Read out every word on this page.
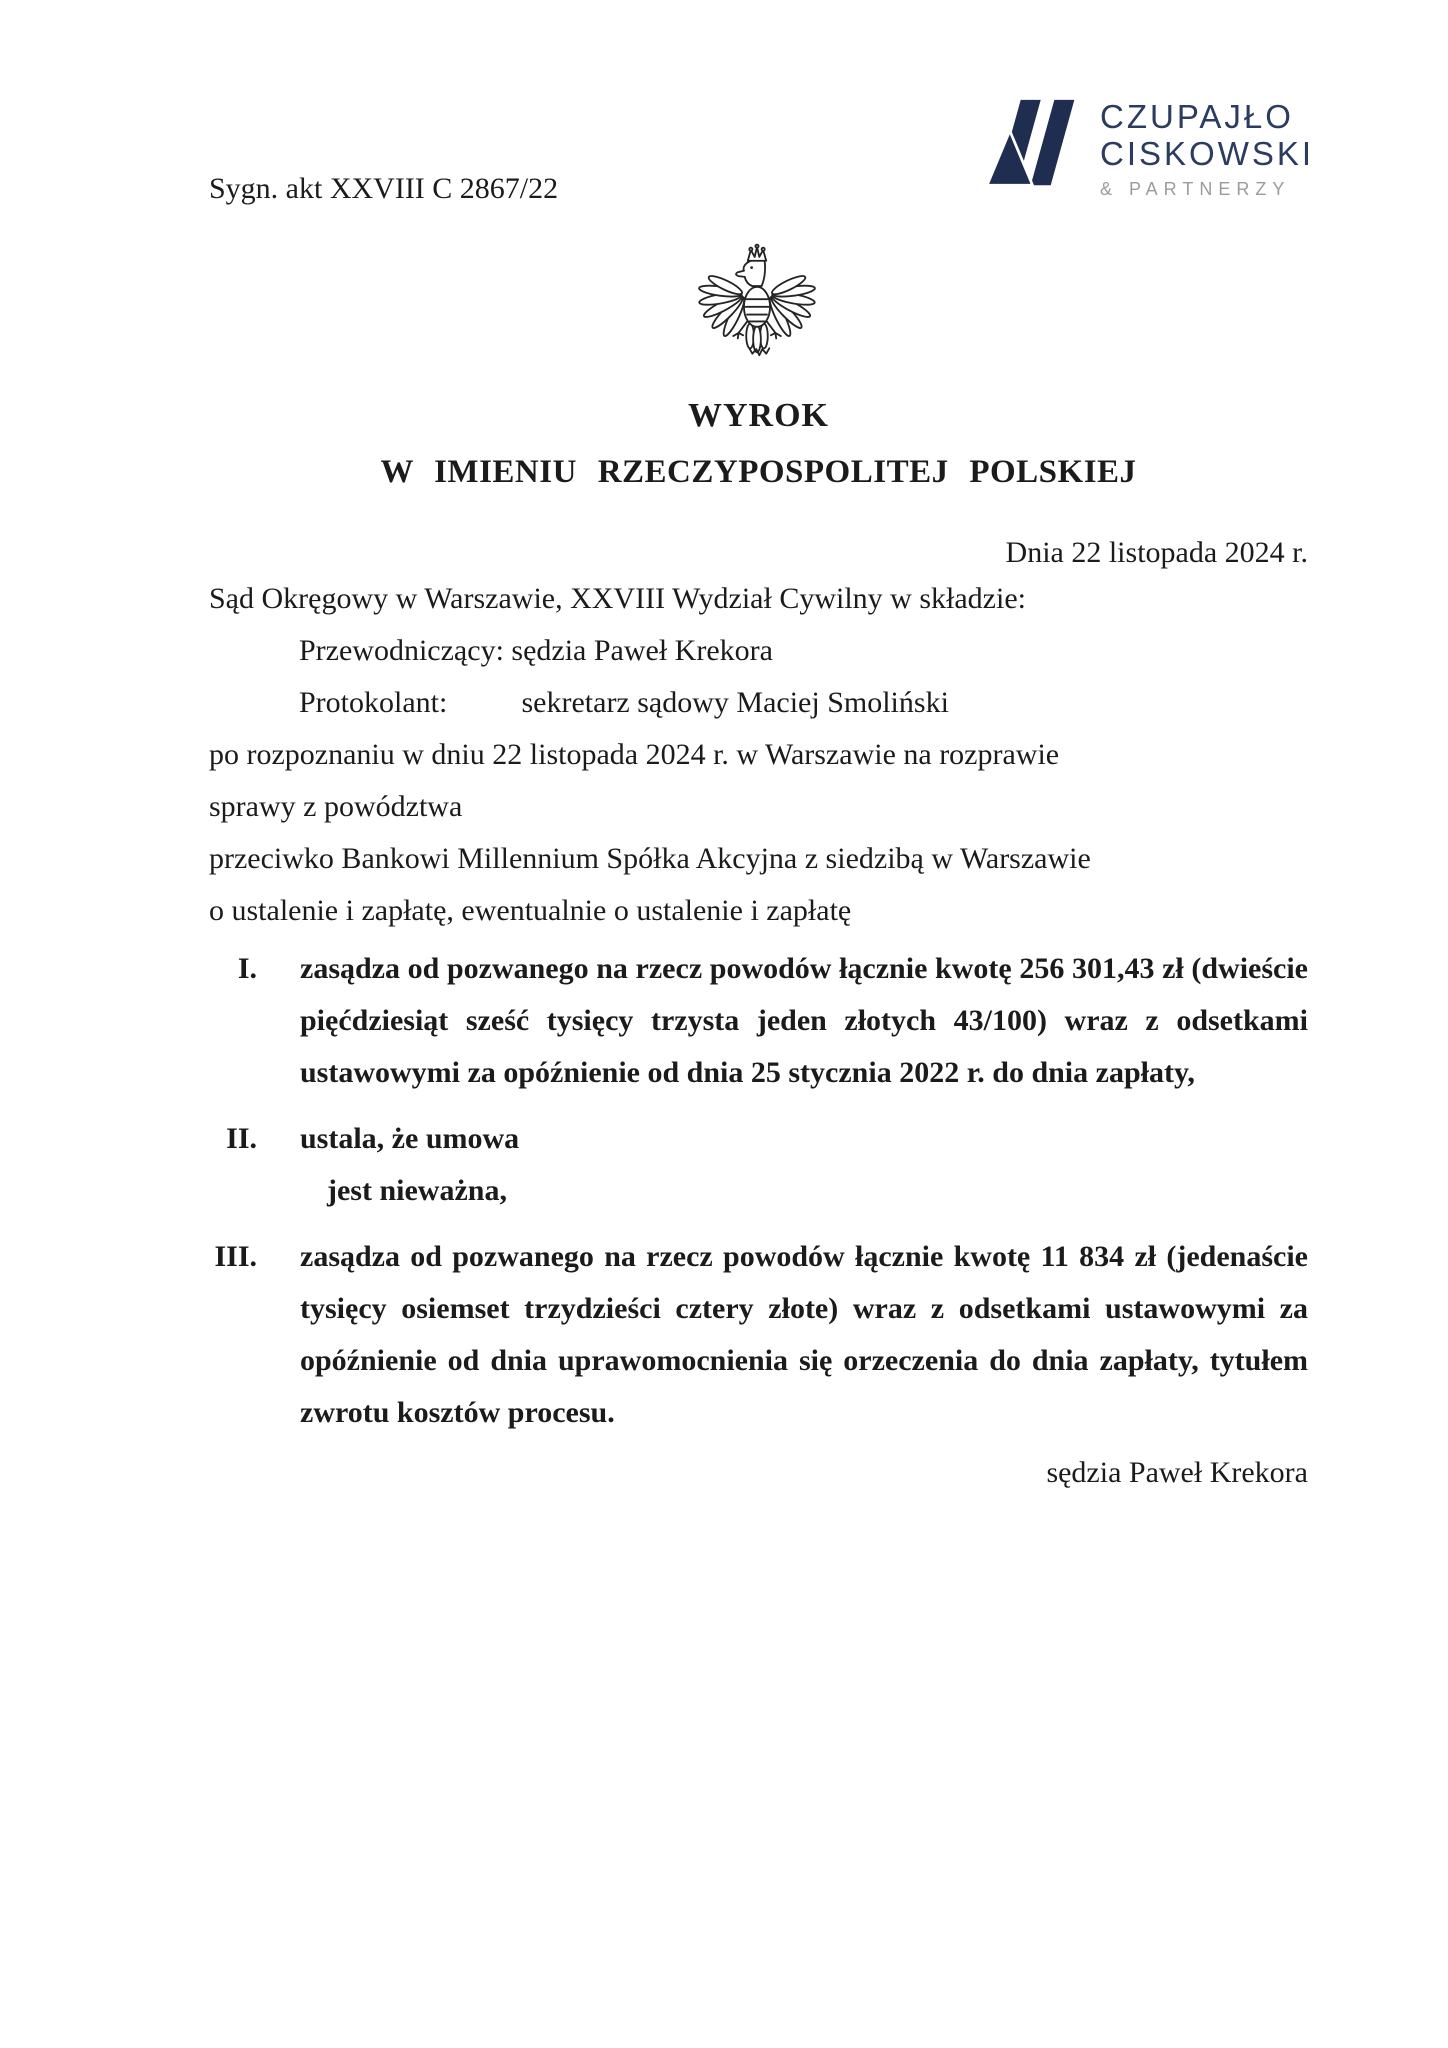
Sygn. akt XXVIII C 2867/22
CZUPAJŁO
CISKOWSKI
& PARTNERZY
WYROK
W IMIENIU RZECZYPOSPOLITEJ POLSKIEJ
Dnia 22 listopada 2024 r.
Sąd Okręgowy w Warszawie, XXVIII Wydział Cywilny w składzie:
Przewodniczący: sędzia Paweł Krekora
Protokolant: sekretarz sądowy Maciej Smoliński
po rozpoznaniu w dniu 22 listopada 2024 r. w Warszawie na rozprawie
sprawy z powództwa
przeciwko Bankowi Millennium Spółka Akcyjna z siedzibą w Warszawie
o ustalenie i zapłatę, ewentualnie o ustalenie i zapłatę
I. zasądza od pozwanego na rzecz powodów łącznie kwotę 256 301,43 zł (dwieście pięćdziesiąt sześć tysięcy trzysta jeden złotych 43/100) wraz z odsetkami ustawowymi za opóźnienie od dnia 25 stycznia 2022 r. do dnia zapłaty,
II. ustala, że umowa
jest nieważna,
III. zasądza od pozwanego na rzecz powodów łącznie kwotę 11 834 zł (jedenaście tysięcy osiemset trzydzieści cztery złote) wraz z odsetkami ustawowymi za opóźnienie od dnia uprawomocnienia się orzeczenia do dnia zapłaty, tytułem zwrotu kosztów procesu.
sędzia Paweł Krekora
